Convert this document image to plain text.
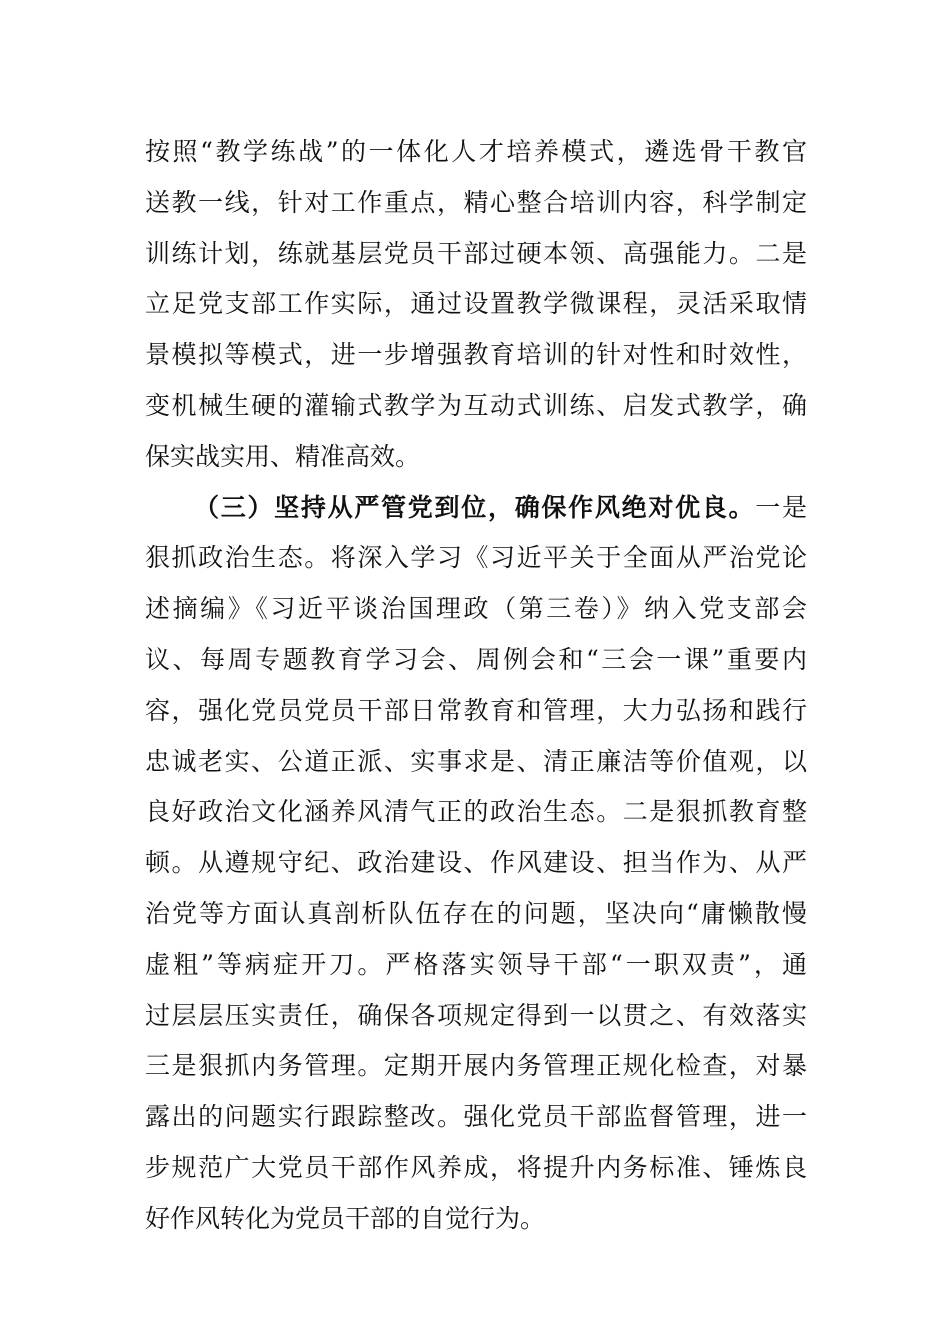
按照“教学练战”的一体化人才培养模式，遴选骨干教官
送教一线，针对工作重点，精心整合培训内容，科学制定
训练计划，练就基层党员干部过硬本领、高强能力。二是
立足党支部工作实际，通过设置教学微课程，灵活采取情
景模拟等模式，进一步增强教育培训的针对性和时效性，
变机械生硬的灌输式教学为互动式训练、启发式教学，确
保实战实用、精准高效。
（三）坚持从严管党到位，确保作风绝对优良。一是
狠抓政治生态。将深入学习《习近平关于全面从严治党论
述摘编》《习近平谈治国理政（第三卷）》纳入党支部会
议、每周专题教育学习会、周例会和“三会一课”重要内
容，强化党员党员干部日常教育和管理，大力弘扬和践行
忠诚老实、公道正派、实事求是、清正廉洁等价值观，以
良好政治文化涵养风清气正的政治生态。二是狠抓教育整
顿。从遵规守纪、政治建设、作风建设、担当作为、从严
治党等方面认真剖析队伍存在的问题，坚决向“庸懒散慢
虚粗”等病症开刀。严格落实领导干部“一职双责”，通
过层层压实责任，确保各项规定得到一以贯之、有效落实
三是狠抓内务管理。定期开展内务管理正规化检查，对暴
露出的问题实行跟踪整改。强化党员干部监督管理，进一
步规范广大党员干部作风养成，将提升内务标准、锤炼良
好作风转化为党员干部的自觉行为。
